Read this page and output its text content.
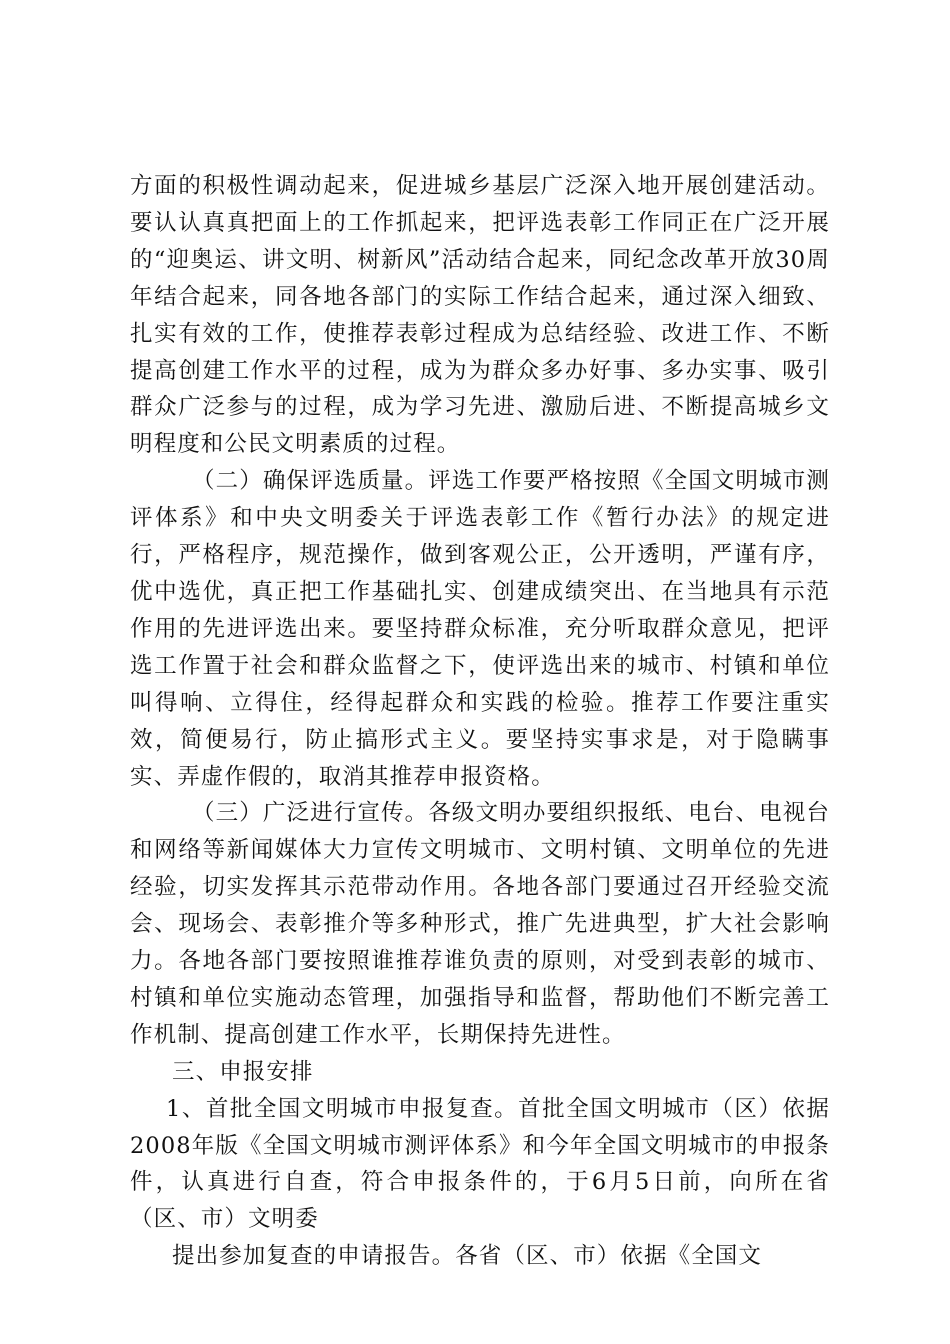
方面的积极性调动起来，促进城乡基层广泛深入地开展创建活动。要认认真真把面上的工作抓起来，把评选表彰工作同正在广泛开展的“迎奥运、讲文明、树新风”活动结合起来，同纪念改革开放30周年结合起来，同各地各部门的实际工作结合起来，通过深入细致、扎实有效的工作，使推荐表彰过程成为总结经验、改进工作、不断提高创建工作水平的过程，成为为群众多办好事、多办实事、吸引群众广泛参与的过程，成为学习先进、激励后进、不断提高城乡文明程度和公民文明素质的过程。

（二）确保评选质量。评选工作要严格按照《全国文明城市测评体系》和中央文明委关于评选表彰工作《暂行办法》的规定进行，严格程序，规范操作，做到客观公正，公开透明，严谨有序，优中选优，真正把工作基础扎实、创建成绩突出、在当地具有示范作用的先进评选出来。要坚持群众标准，充分听取群众意见，把评选工作置于社会和群众监督之下，使评选出来的城市、村镇和单位叫得响、立得住，经得起群众和实践的检验。推荐工作要注重实效，简便易行，防止搞形式主义。要坚持实事求是，对于隐瞒事实、弄虚作假的，取消其推荐申报资格。

（三）广泛进行宣传。各级文明办要组织报纸、电台、电视台和网络等新闻媒体大力宣传文明城市、文明村镇、文明单位的先进经验，切实发挥其示范带动作用。各地各部门要通过召开经验交流会、现场会、表彰推介等多种形式，推广先进典型，扩大社会影响力。各地各部门要按照谁推荐谁负责的原则，对受到表彰的城市、村镇和单位实施动态管理，加强指导和监督，帮助他们不断完善工作机制、提高创建工作水平，长期保持先进性。

三、申报安排

1、首批全国文明城市申报复查。首批全国文明城市（区）依据2008年版《全国文明城市测评体系》和今年全国文明城市的申报条件，认真进行自查，符合申报条件的，于6月5日前，向所在省（区、市）文明委

提出参加复查的申请报告。各省（区、市）依据《全国文
